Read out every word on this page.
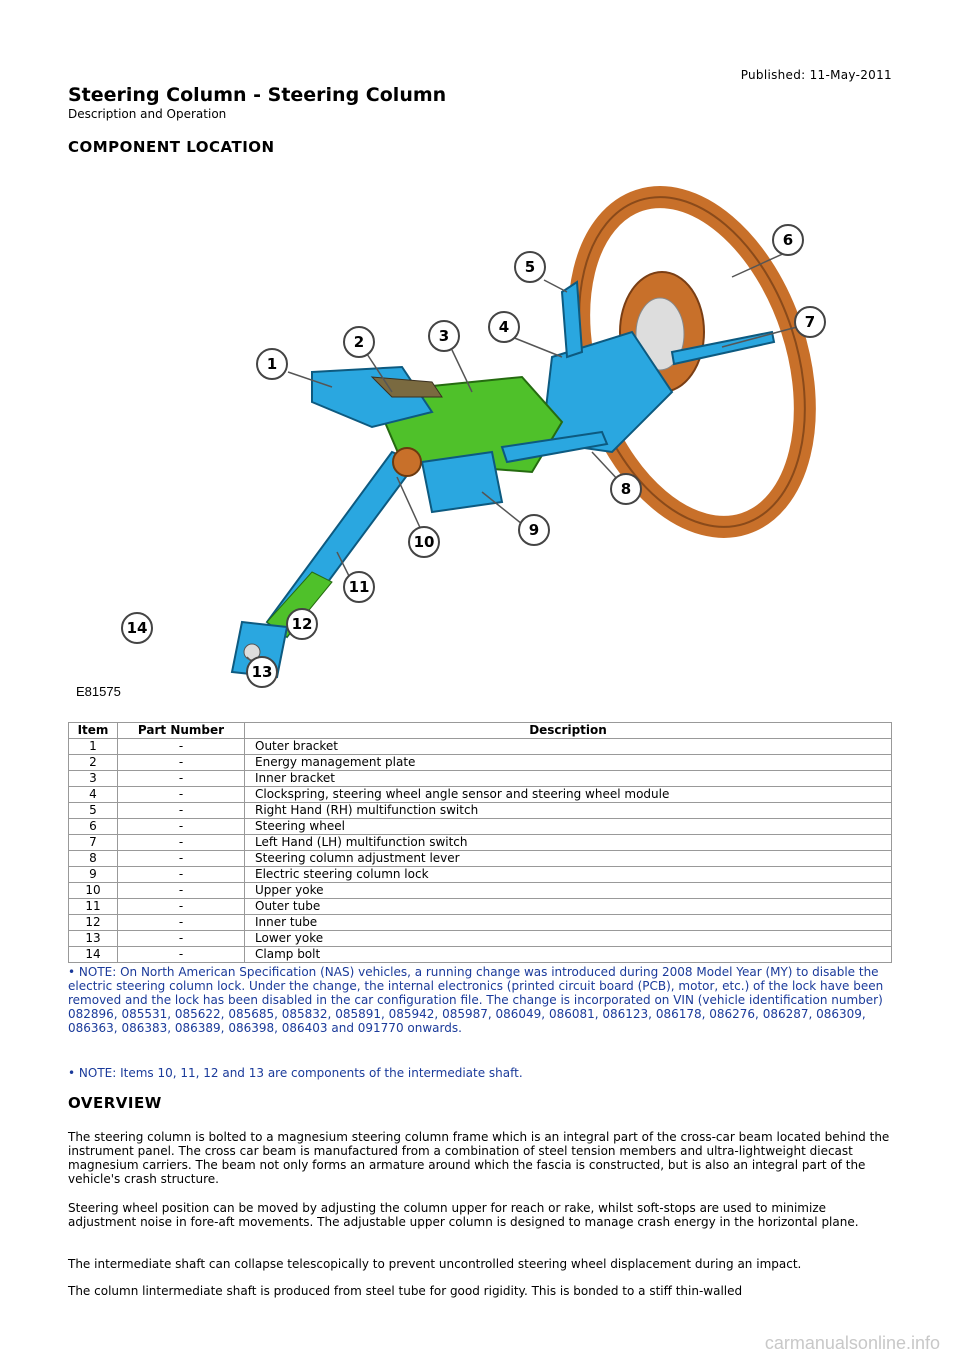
Published: 11-May-2011
Steering Column - Steering Column
Description and Operation
COMPONENT LOCATION
1
2	3	4
5
6
7
8
9
10
11
12
13
14
E81575
Item	Part Number	Description
1	-	Outer bracket
2	-	Energy management plate
3	-	Inner bracket
4	-	Clockspring, steering wheel angle sensor and steering wheel module
5	-	Right Hand (RH) multifunction switch
6	-	Steering wheel
7	-	Left Hand (LH) multifunction switch
8	-	Steering column adjustment lever
9	-	Electric steering column lock
10	-	Upper yoke
11	-	Outer tube
12	-	Inner tube
13	-	Lower yoke
14	-	Clamp bolt
• NOTE: On North American Specification (NAS) vehicles, a running change was introduced during 2008 Model Year (MY) to disable the electric steering column lock. Under the change, the internal electronics (printed circuit board (PCB), motor, etc.) of the lock have been removed and the lock has been disabled in the car configuration file. The change is incorporated on VIN (vehicle identification number) 082896, 085531, 085622, 085685, 085832, 085891, 085942, 085987, 086049, 086081, 086123, 086178, 086276, 086287, 086309, 086363, 086383, 086389, 086398, 086403 and 091770 onwards.
• NOTE: Items 10, 11, 12 and 13 are components of the intermediate shaft.
OVERVIEW
The steering column is bolted to a magnesium steering column frame which is an integral part of the cross-car beam located behind the instrument panel. The cross car beam is manufactured from a combination of steel tension members and ultra-lightweight diecast magnesium carriers. The beam not only forms an armature around which the fascia is constructed, but is also an integral part of the vehicle's crash structure.
Steering wheel position can be moved by adjusting the column upper for reach or rake, whilst soft-stops are used to minimize adjustment noise in fore-aft movements. The adjustable upper column is designed to manage crash energy in the horizontal plane.
The intermediate shaft can collapse telescopically to prevent uncontrolled steering wheel displacement during an impact.
The column lintermediate shaft is produced from steel tube for good rigidity. This is bonded to a stiff thin-walled
carmanualsonline.info
